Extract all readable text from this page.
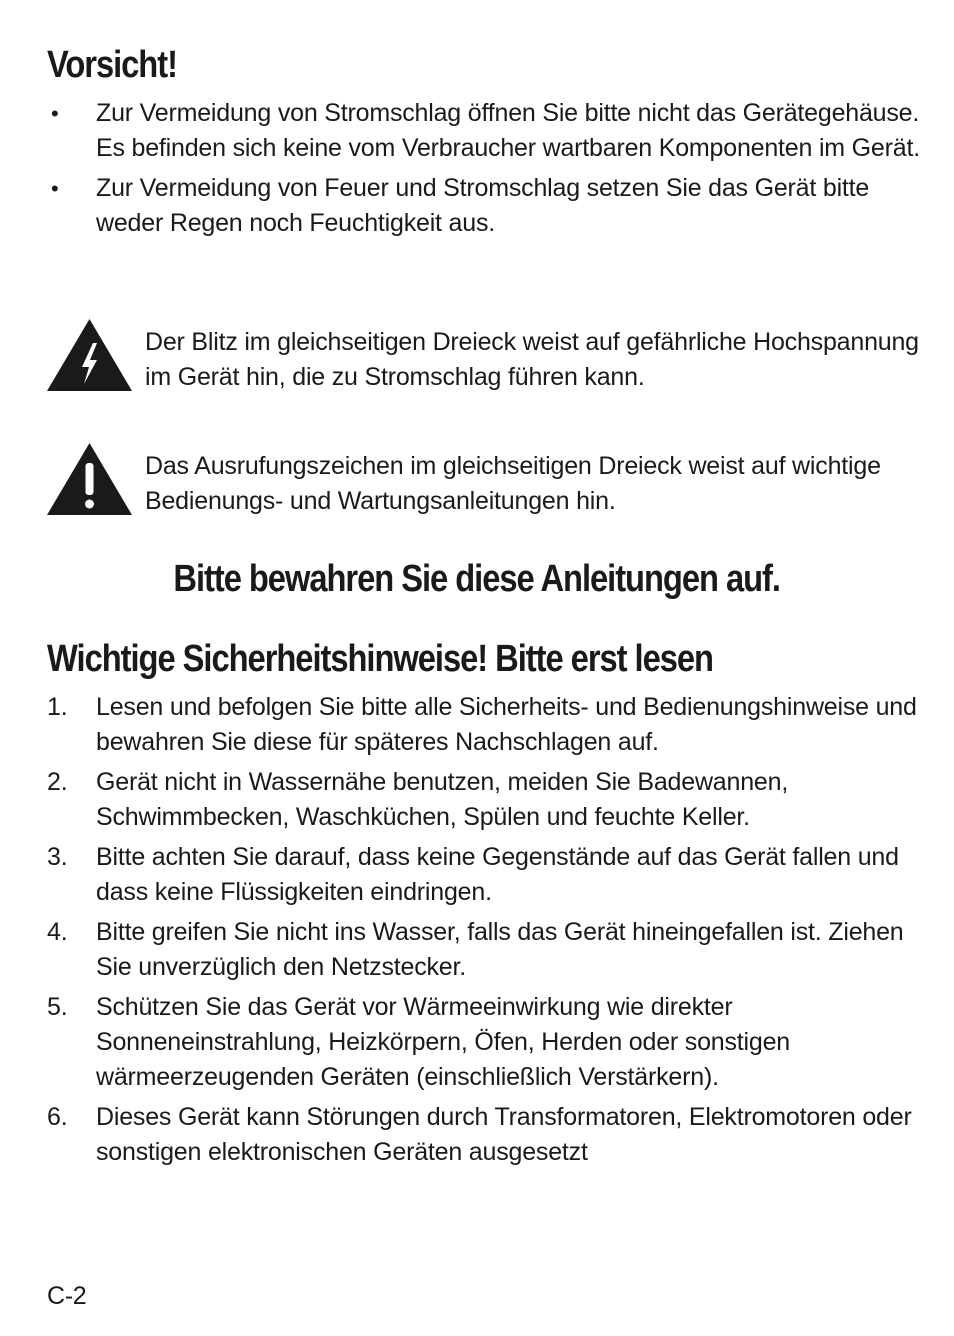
Vorsicht!
• Zur Vermeidung von Stromschlag öffnen Sie bitte nicht das Gerätegehäuse. Es befinden sich keine vom Verbraucher wartbaren Komponenten im Gerät.
• Zur Vermeidung von Feuer und Stromschlag setzen Sie das Gerät bitte weder Regen noch Feuchtigkeit aus.
Der Blitz im gleichseitigen Dreieck weist auf gefährliche Hochspannung im Gerät hin, die zu Stromschlag führen kann.
Das Ausrufungszeichen im gleichseitigen Dreieck weist auf wichtige Bedienungs- und Wartungsanleitungen hin.
Bitte bewahren Sie diese Anleitungen auf.
Wichtige Sicherheitshinweise! Bitte erst lesen
1. Lesen und befolgen Sie bitte alle Sicherheits- und Bedienungshinweise und bewahren Sie diese für späteres Nachschlagen auf.
2. Gerät nicht in Wassernähe benutzen, meiden Sie Badewannen, Schwimmbecken, Waschküchen, Spülen und feuchte Keller.
3. Bitte achten Sie darauf, dass keine Gegenstände auf das Gerät fallen und dass keine Flüssigkeiten eindringen.
4. Bitte greifen Sie nicht ins Wasser, falls das Gerät hineingefallen ist. Ziehen Sie unverzüglich den Netzstecker.
5. Schützen Sie das Gerät vor Wärmeeinwirkung wie direkter Sonneneinstrahlung, Heizkörpern, Öfen, Herden oder sonstigen wärmeerzeugenden Geräten (einschließlich Verstärkern).
6. Dieses Gerät kann Störungen durch Transformatoren, Elektromotoren oder sonstigen elektronischen Geräten ausgesetzt
C-2
